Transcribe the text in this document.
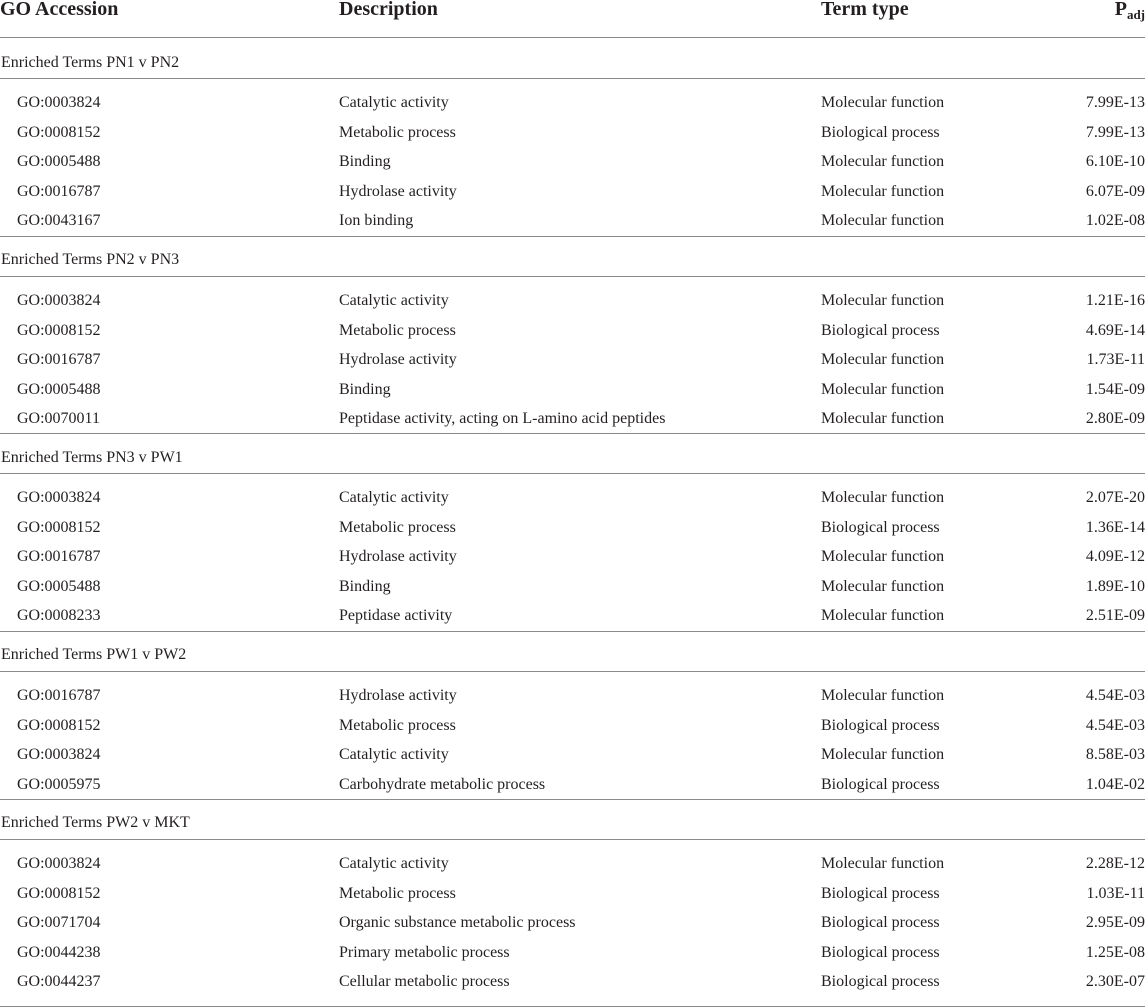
GO Accession	Description	Term type	$P_{adj}$
Enriched Terms PN1 v PN2
GO:0003824	Catalytic activity	Molecular function	7.99E-13
GO:0008152	Metabolic process	Biological process	7.99E-13
GO:0005488	Binding	Molecular function	6.10E-10
GO:0016787	Hydrolase activity	Molecular function	6.07E-09
GO:0043167	Ion binding	Molecular function	1.02E-08
Enriched Terms PN2 v PN3
GO:0003824	Catalytic activity	Molecular function	1.21E-16
GO:0008152	Metabolic process	Biological process	4.69E-14
GO:0016787	Hydrolase activity	Molecular function	1.73E-11
GO:0005488	Binding	Molecular function	1.54E-09
GO:0070011	Peptidase activity, acting on L-amino acid peptides	Molecular function	2.80E-09
Enriched Terms PN3 v PW1
GO:0003824	Catalytic activity	Molecular function	2.07E-20
GO:0008152	Metabolic process	Biological process	1.36E-14
GO:0016787	Hydrolase activity	Molecular function	4.09E-12
GO:0005488	Binding	Molecular function	1.89E-10
GO:0008233	Peptidase activity	Molecular function	2.51E-09
Enriched Terms PW1 v PW2
GO:0016787	Hydrolase activity	Molecular function	4.54E-03
GO:0008152	Metabolic process	Biological process	4.54E-03
GO:0003824	Catalytic activity	Molecular function	8.58E-03
GO:0005975	Carbohydrate metabolic process	Biological process	1.04E-02
Enriched Terms PW2 v MKT
GO:0003824	Catalytic activity	Molecular function	2.28E-12
GO:0008152	Metabolic process	Biological process	1.03E-11
GO:0071704	Organic substance metabolic process	Biological process	2.95E-09
GO:0044238	Primary metabolic process	Biological process	1.25E-08
GO:0044237	Cellular metabolic process	Biological process	2.30E-07
